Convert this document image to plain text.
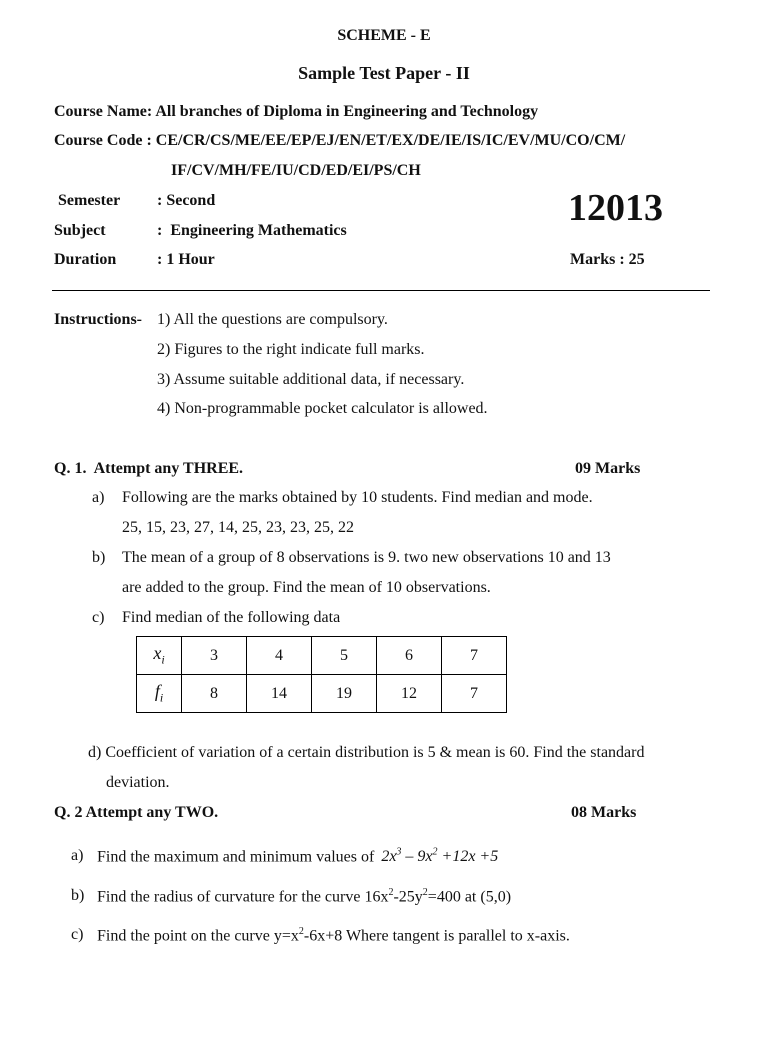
SCHEME - E
Sample Test Paper - II
Course Name: All branches of Diploma in Engineering and Technology
Course Code : CE/CR/CS/ME/EE/EP/EJ/EN/ET/EX/DE/IE/IS/IC/EV/MU/CO/CM/
IF/CV/MH/FE/IU/CD/ED/EI/PS/CH
Semester : Second
Subject	:  Engineering Mathematics
Duration	: 1 Hour
12013
Marks : 25
Instructions- 1) All the questions are compulsory.
2) Figures to the right indicate full marks.
3) Assume suitable additional data, if necessary.
4) Non-programmable pocket calculator is allowed.
Q. 1.  Attempt any THREE.	09 Marks
a) Following are the marks obtained by 10 students. Find median and mode.
25, 15, 23, 27, 14, 25, 23, 23, 25, 22
b) The mean of a group of 8 observations is 9. two new observations 10 and 13
are added to the group. Find the mean of 10 observations.
c) Find median of the following data
$x_i$	3	4	5	6	7
$f_i$	8	14	19	12	7
d) Coefficient of variation of a certain distribution is 5 & mean is 60. Find the standard
deviation.
Q. 2 Attempt any TWO.	08 Marks
a) Find the maximum and minimum values of $2x^3 - 9x^2 +12x +5$
b) Find the radius of curvature for the curve $16x^2-25y^2=400$ at (5,0)
c) Find the point on the curve $y=x^2-6x+8$ Where tangent is parallel to x-axis.
